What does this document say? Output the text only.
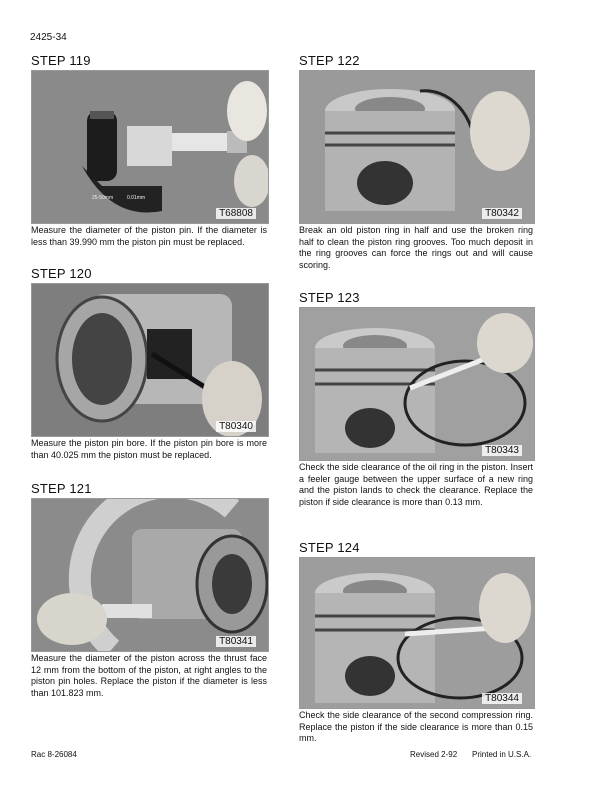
2425-34
STEP 119
25-50mm	0.01mm
T68808
Measure the diameter of the piston pin. If the diameter is less than 39.990 mm the piston pin must be replaced.
STEP 120
T80340
Measure the piston pin bore. If the piston pin bore is more than 40.025 mm the piston must be replaced.
STEP 121
T80341
Measure the diameter of the piston across the thrust face 12 mm from the bottom of the piston, at right angles to the piston pin holes. Replace the piston if the diameter is less than 101.823 mm.
STEP 122
T80342
Break an old piston ring in half and use the broken ring half to clean the piston ring grooves. Too much deposit in the ring grooves can force the rings out and will cause scoring.
STEP 123
T80343
Check the side clearance of the oil ring in the piston. Insert a feeler gauge between the upper surface of a new ring and the piston lands to check the clearance. Replace the piston if side clearance is more than 0.13 mm.
STEP 124
T80344
Check the side clearance of the second compression ring. Replace the piston if the side clearance is more than 0.15 mm.
Rac 8-26084	Revised 2-92 Printed in U.S.A.
